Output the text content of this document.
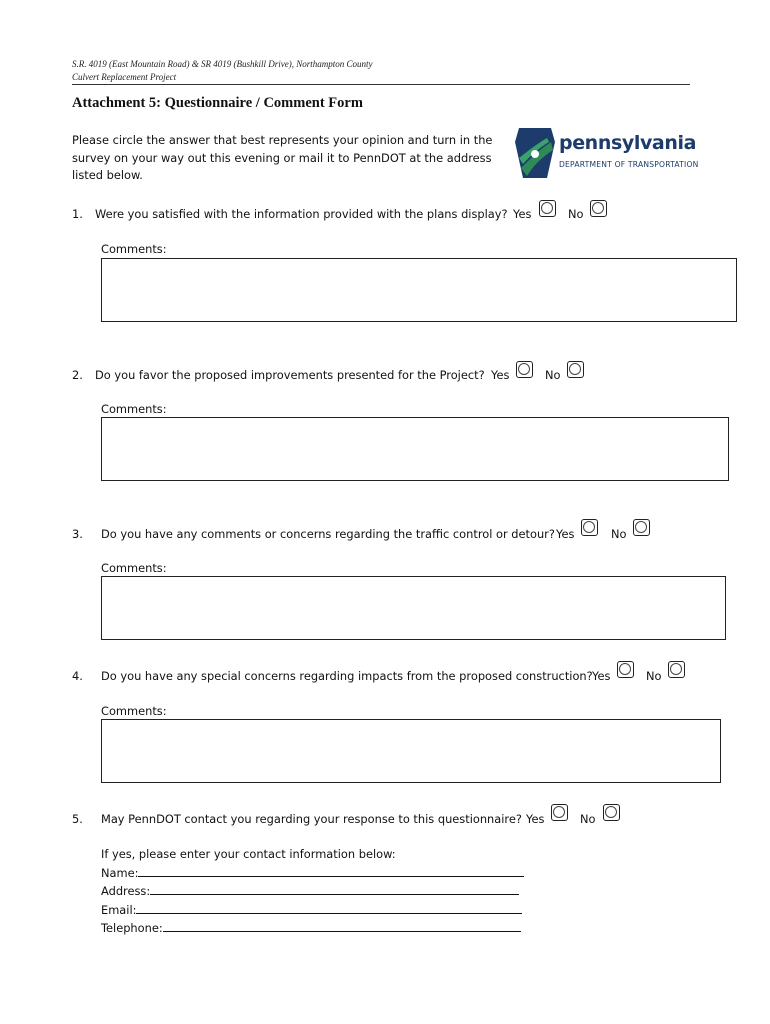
S.R. 4019 (East Mountain Road) & SR 4019 (Bushkill Drive), Northampton County
Culvert Replacement Project
Attachment 5: Questionnaire / Comment Form
Please circle the answer that best represents your opinion and turn in the
survey on your way out this evening or mail it to PennDOT at the address
listed below.
pennsylvania
DEPARTMENT OF TRANSPORTATION
1. Were you satisfied with the information provided with the plans display? Yes	No
Comments:
2. Do you favor the proposed improvements presented for the Project? Yes	No
Comments:
3. Do you have any comments or concerns regarding the traffic control or detour? Yes	No
Comments:
4. Do you have any special concerns regarding impacts from the proposed construction? Yes	No
Comments:
5. May PennDOT contact you regarding your response to this questionnaire? Yes	No
If yes, please enter your contact information below:
Name:
Address:
Email:
Telephone:
